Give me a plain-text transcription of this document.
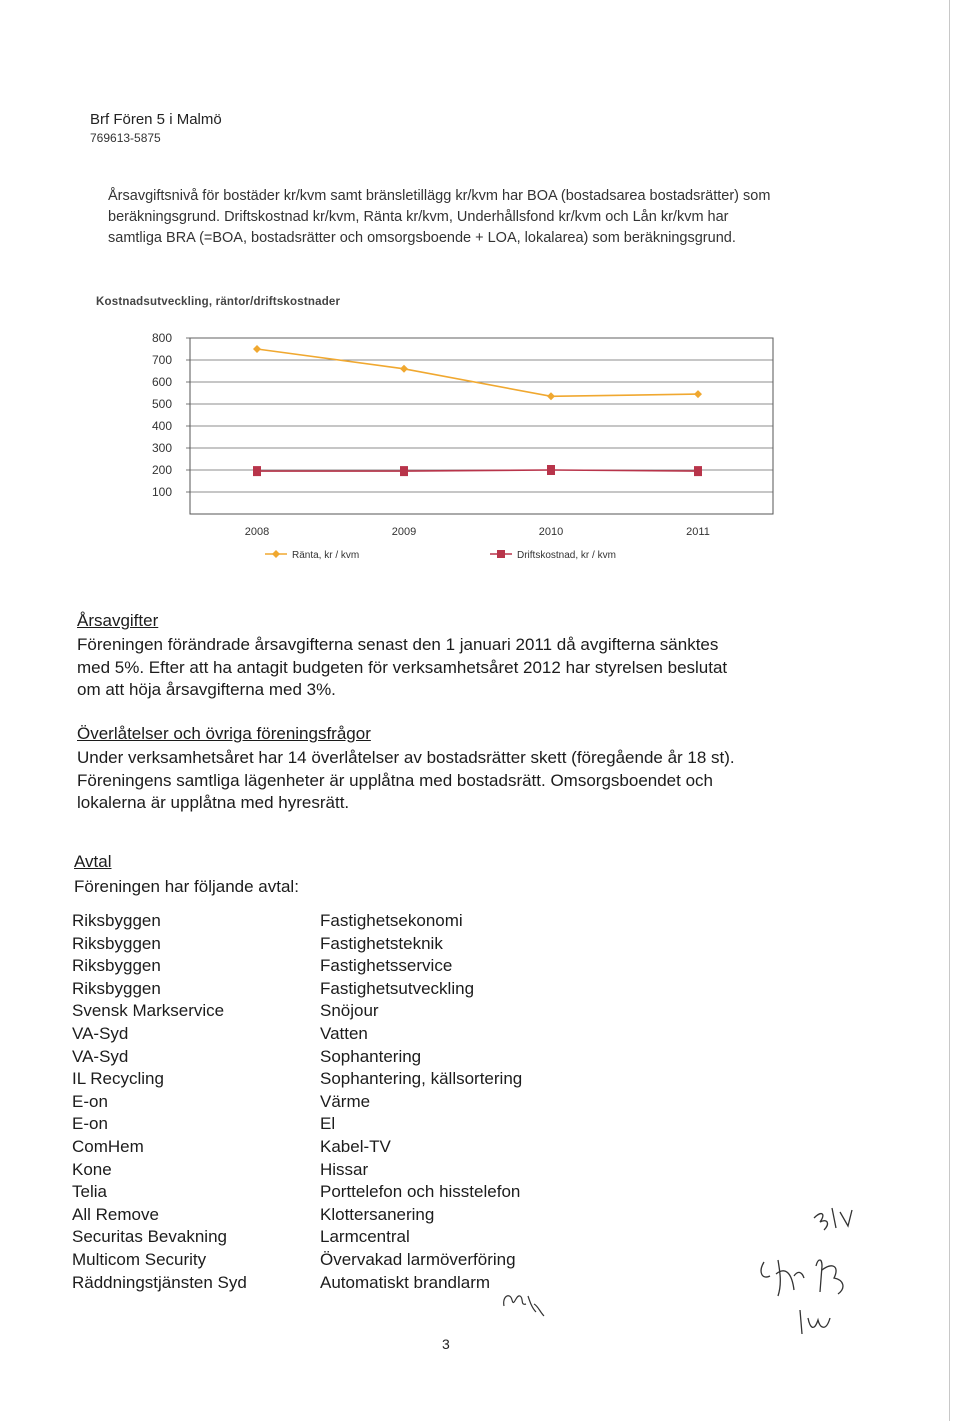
Brf Fören 5 i Malmö
769613-5875
Årsavgiftsnivå för bostäder kr/kvm samt bränsletillägg kr/kvm har BOA (bostadsarea bostadsrätter) som
beräkningsgrund. Driftskostnad kr/kvm, Ränta kr/kvm, Underhållsfond kr/kvm och Lån kr/kvm har
samtliga BRA (=BOA, bostadsrätter och omsorgsboende + LOA, lokalarea) som beräkningsgrund.
Kostnadsutveckling, räntor/driftskostnader
800
700
600
500
400
300
200
100
2008	2009	2010	2011
Ränta, kr / kvm	Driftskostnad, kr / kvm
Årsavgifter
Föreningen förändrade årsavgifterna senast den 1 januari 2011 då avgifterna sänktes
med 5%. Efter att ha antagit budgeten för verksamhetsåret 2012 har styrelsen beslutat
om att höja årsavgifterna med 3%.
Överlåtelser och övriga föreningsfrågor
Under verksamhetsåret har 14 överlåtelser av bostadsrätter skett (föregående år 18 st).
Föreningens samtliga lägenheter är upplåtna med bostadsrätt. Omsorgsboendet och
lokalerna är upplåtna med hyresrätt.
Avtal
Föreningen har följande avtal:
Riksbyggen	Fastighetsekonomi
Riksbyggen	Fastighetsteknik
Riksbyggen	Fastighetsservice
Riksbyggen	Fastighetsutveckling
Svensk Markservice	Snöjour
VA-Syd	Vatten
VA-Syd	Sophantering
IL Recycling	Sophantering, källsortering
E-on	Värme
E-on	El
ComHem	Kabel-TV
Kone	Hissar
Telia	Porttelefon och hisstelefon
All Remove	Klottersanering
Securitas Bevakning	Larmcentral
Multicom Security	Övervakad larmöverföring
Räddningstjänsten Syd	Automatiskt brandlarm
3
